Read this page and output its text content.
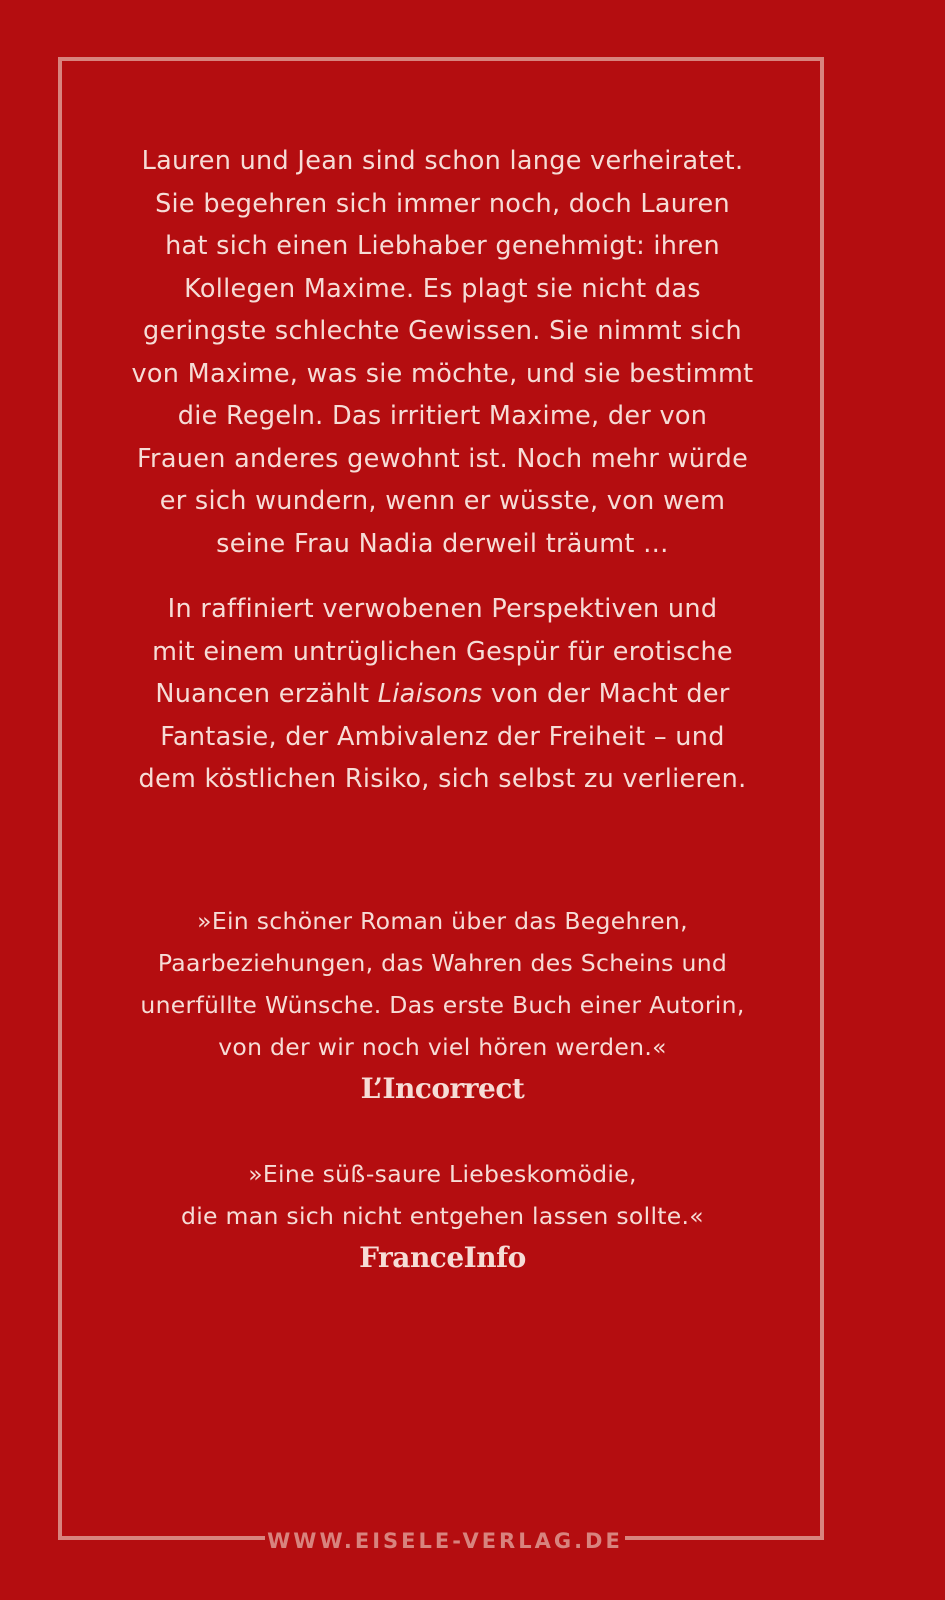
Lauren und Jean sind schon lange verheiratet.
Sie begehren sich immer noch, doch Lauren
hat sich einen Liebhaber genehmigt: ihren
Kollegen Maxime. Es plagt sie nicht das
geringste schlechte Gewissen. Sie nimmt sich
von Maxime, was sie möchte, und sie bestimmt
die Regeln. Das irritiert Maxime, der von
Frauen anderes gewohnt ist. Noch mehr würde
er sich wundern, wenn er wüsste, von wem
seine Frau Nadia derweil träumt …

In raffiniert verwobenen Perspektiven und
mit einem untrüglichen Gespür für erotische
Nuancen erzählt Liaisons von der Macht der
Fantasie, der Ambivalenz der Freiheit – und
dem köstlichen Risiko, sich selbst zu verlieren.

»Ein schöner Roman über das Begehren,
Paarbeziehungen, das Wahren des Scheins und
unerfüllte Wünsche. Das erste Buch einer Autorin,
von der wir noch viel hören werden.«

L’Incorrect

»Eine süß-saure Liebeskomödie,
die man sich nicht entgehen lassen sollte.«

FranceInfo

WWW.EISELE-VERLAG.DE
